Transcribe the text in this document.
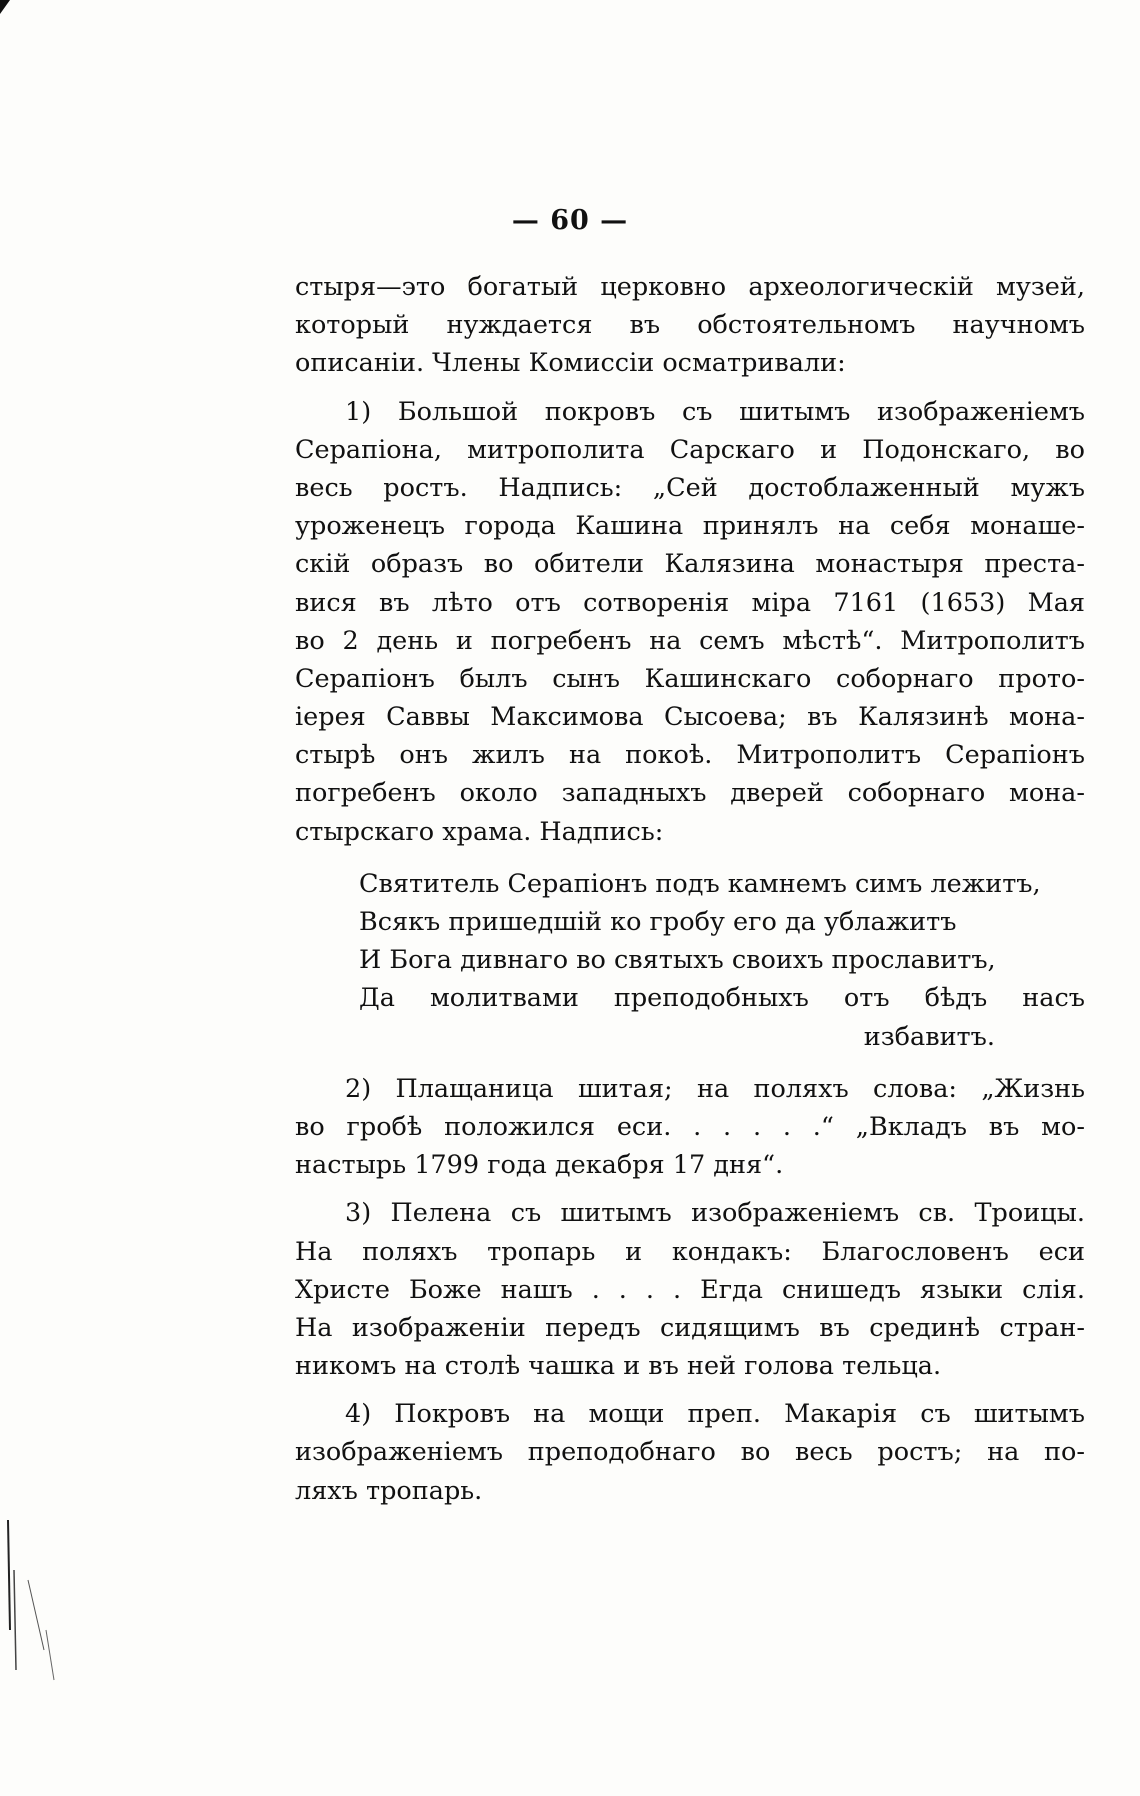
— 60 —
стыря—это богатый церковно археологическій музей,
который нуждается въ обстоятельномъ научномъ
описаніи. Члены Комиссіи осматривали:
1) Большой покровъ съ шитымъ изображеніемъ
Серапіона, митрополита Сарскаго и Подонскаго, во
весь ростъ. Надпись: „Сей достоблаженный мужъ
уроженецъ города Кашина принялъ на себя монаше-
скій образъ во обители Калязина монастыря преста-
вися въ лѣто отъ сотворенія міра 7161 (1653) Мая
во 2 день и погребенъ на семъ мѣстѣ“. Митрополитъ
Серапіонъ былъ сынъ Кашинскаго соборнаго прото-
іерея Саввы Максимова Сысоева; въ Калязинѣ мона-
стырѣ онъ жилъ на покоѣ. Митрополитъ Серапіонъ
погребенъ около западныхъ дверей соборнаго мона-
стырскаго храма. Надпись:
Святитель Серапіонъ подъ камнемъ симъ лежитъ,
Всякъ пришедшій ко гробу его да ублажитъ
И Бога дивнаго во святыхъ своихъ прославитъ,
Да молитвами преподобныхъ отъ бѣдъ насъ
избавитъ.
2) Плащаница шитая; на поляхъ слова: „Жизнь
во гробѣ положился еси. . . . . .“ „Вкладъ въ мо-
настырь 1799 года декабря 17 дня“.
3) Пелена съ шитымъ изображеніемъ св. Троицы.
На поляхъ тропарь и кондакъ: Благословенъ еси
Христе Боже нашъ . . . . Егда снишедъ языки слія.
На изображеніи передъ сидящимъ въ срединѣ стран-
никомъ на столѣ чашка и въ ней голова тельца.
4) Покровъ на мощи преп. Макарія съ шитымъ
изображеніемъ преподобнаго во весь ростъ; на по-
ляхъ тропарь.
